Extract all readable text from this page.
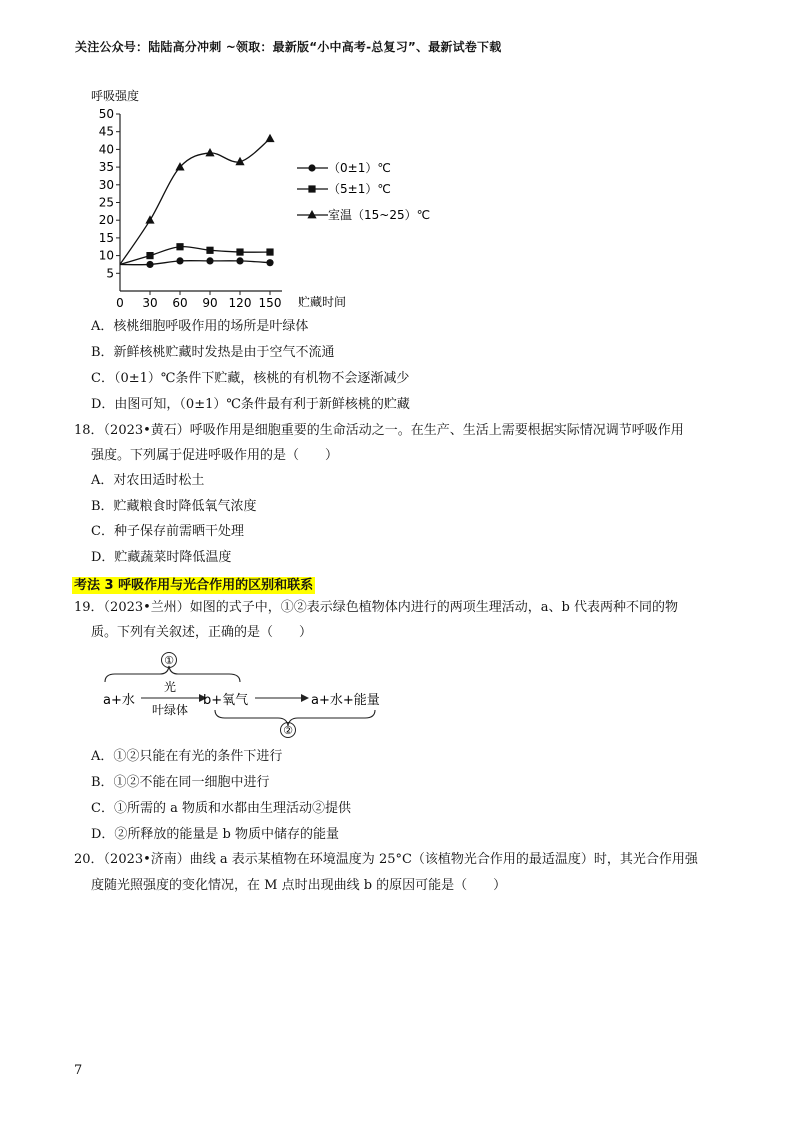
关注公众号：陆陆高分冲刺 ~领取：最新版“小中高考-总复习”、最新试卷下载
呼吸强度
5
10
15
20
25
30
35
40
45
50
0 30 60 90 120 150 贮藏时间
（0±1）℃
（5±1）℃
室温（15~25）℃
A．核桃细胞呼吸作用的场所是叶绿体
B．新鲜核桃贮藏时发热是由于空气不流通
C．（0±1）℃条件下贮藏，核桃的有机物不会逐渐减少
D．由图可知，（0±1）℃条件最有利于新鲜核桃的贮藏
18．（2023•黄石）呼吸作用是细胞重要的生命活动之一。在生产、生活上需要根据实际情况调节呼吸作用
强度。下列属于促进呼吸作用的是（　　）
A．对农田适时松土
B．贮藏粮食时降低氧气浓度
C．种子保存前需晒干处理
D．贮藏蔬菜时降低温度
考法 3 呼吸作用与光合作用的区别和联系
19．（2023•兰州）如图的式子中，①②表示绿色植物体内进行的两项生理活动，a、b 代表两种不同的物
质。下列有关叙述，正确的是（　　）
①
a+水
光
叶绿体
b+氧气	a+水+能量
②
A．①②只能在有光的条件下进行
B．①②不能在同一细胞中进行
C．①所需的 a 物质和水都由生理活动②提供
D．②所释放的能量是 b 物质中储存的能量
20．（2023•济南）曲线 a 表示某植物在环境温度为 25°C（该植物光合作用的最适温度）时，其光合作用强
度随光照强度的变化情况，在 M 点时出现曲线 b 的原因可能是（　　）
7
